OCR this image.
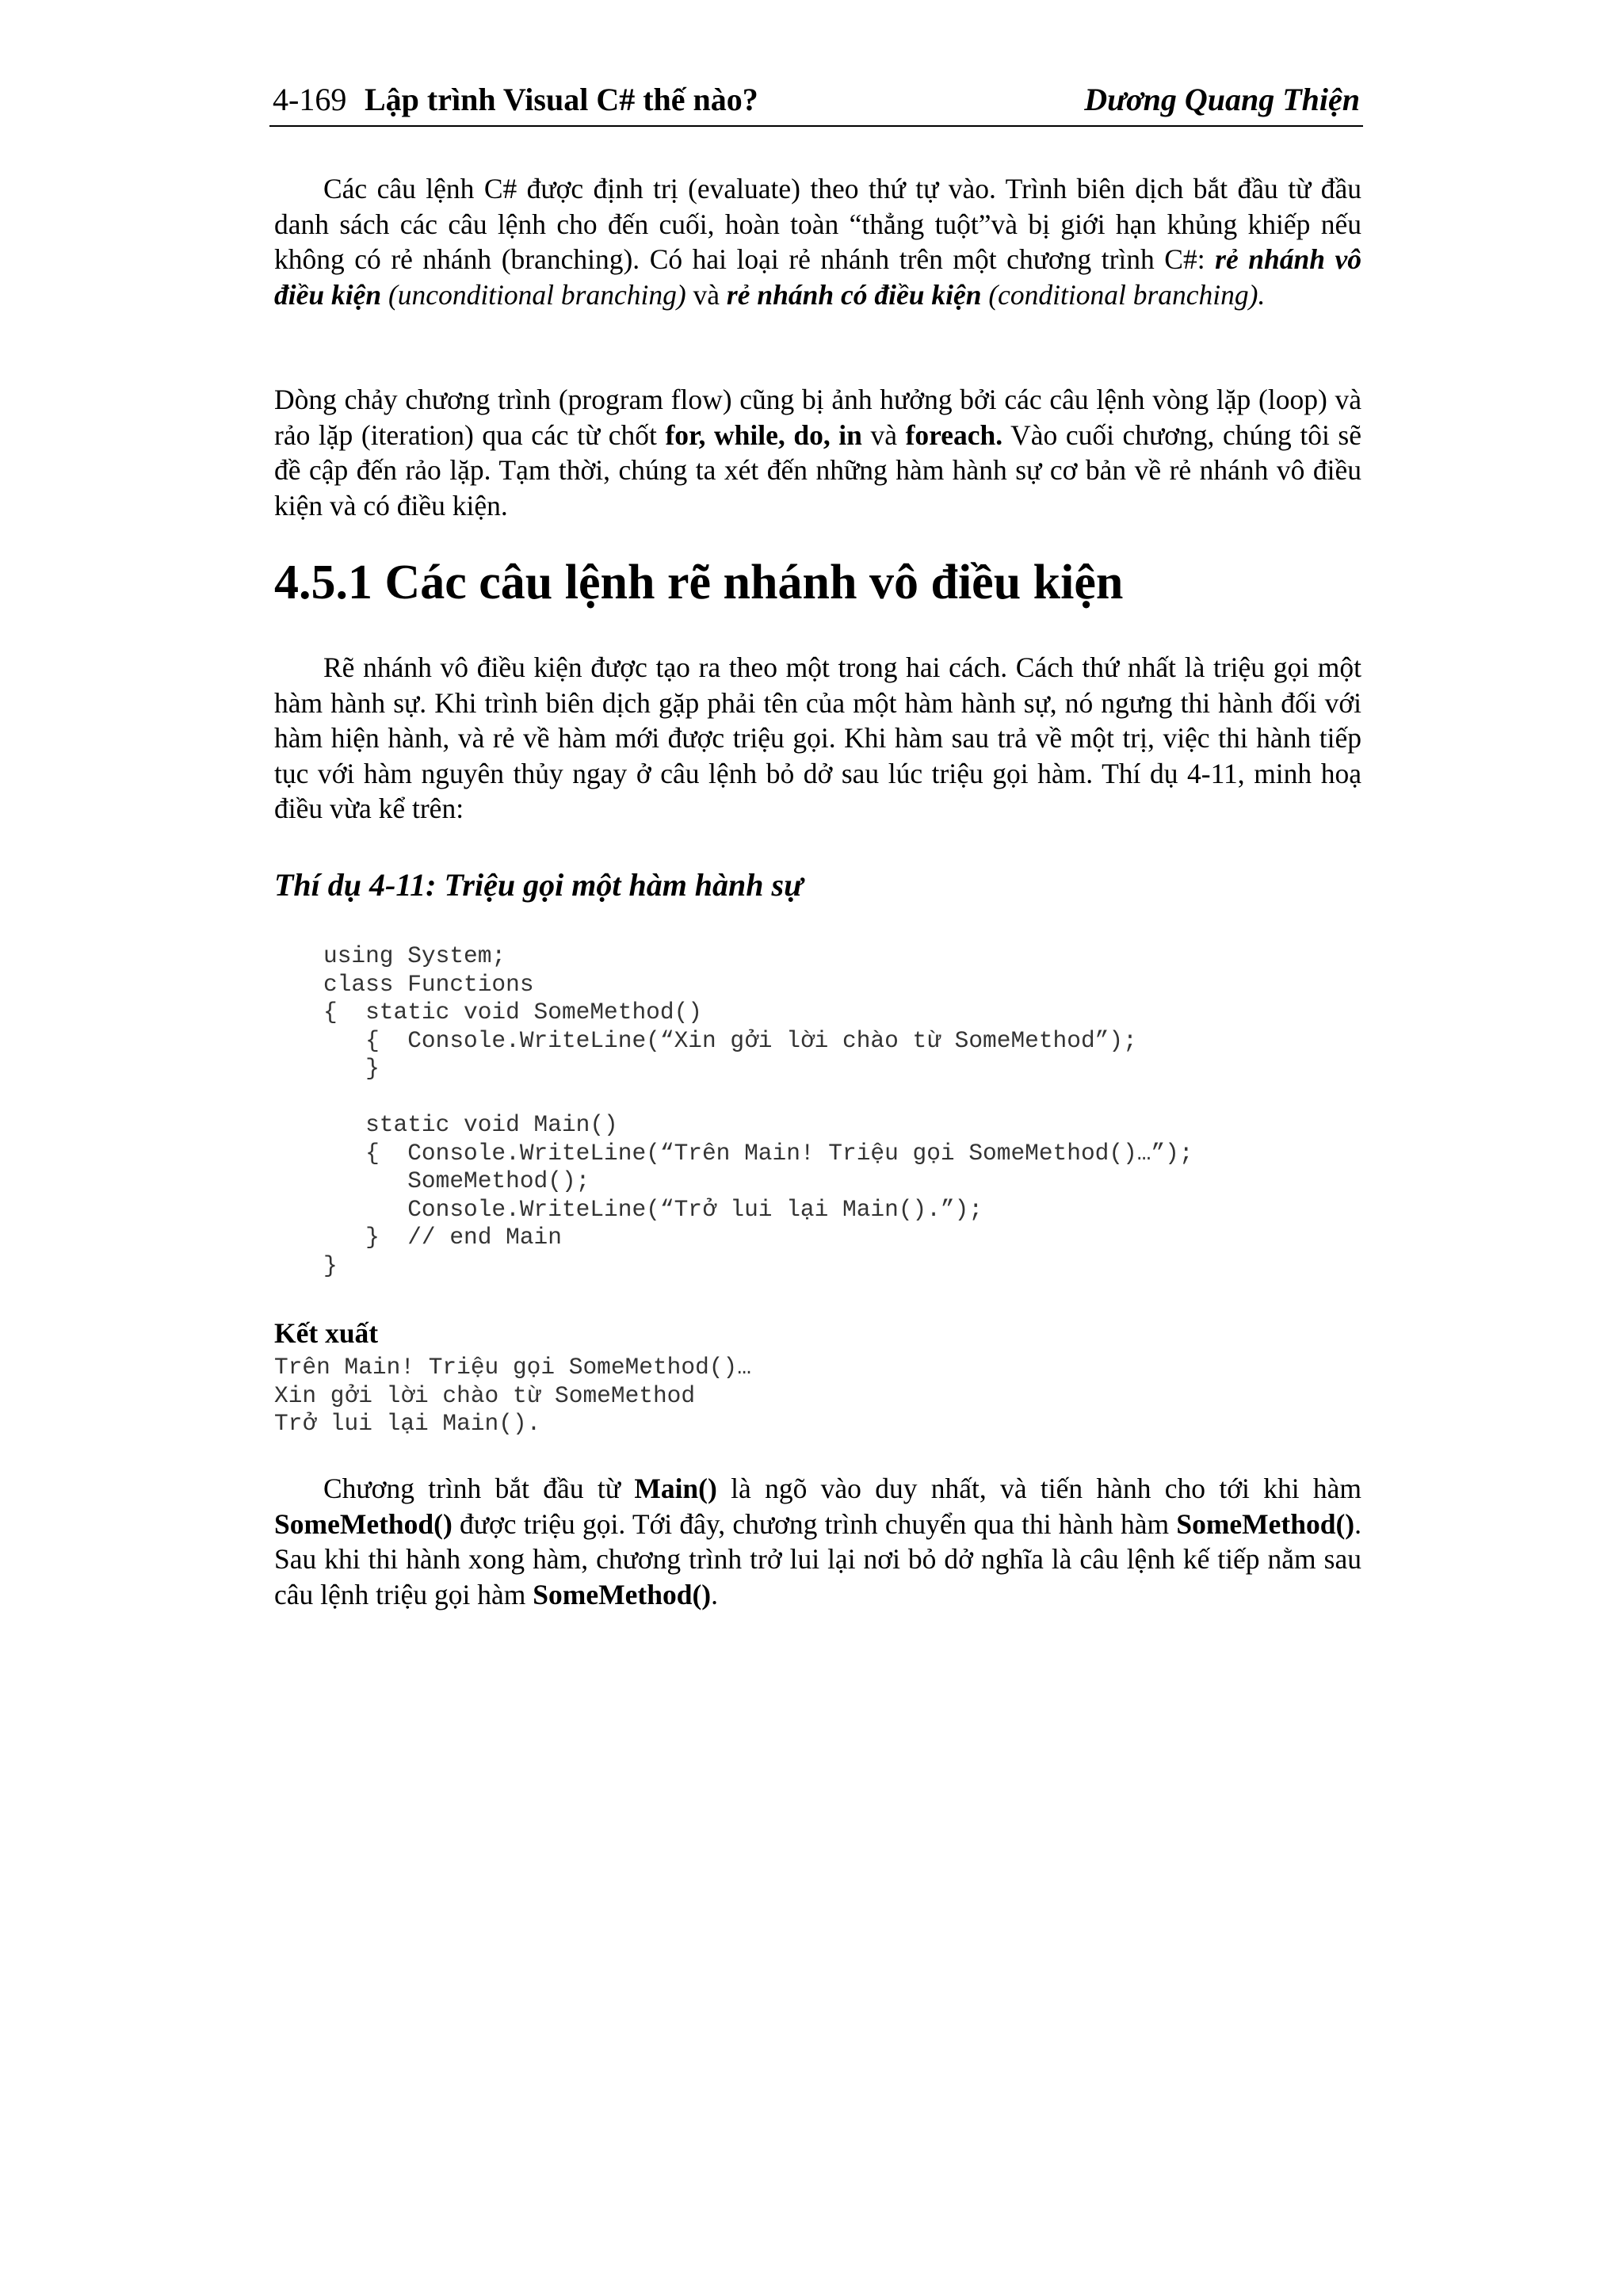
4-169 Lập trình Visual C# thế nào?	Dương Quang Thiện
Các câu lệnh C# được định trị (evaluate) theo thứ tự vào. Trình biên dịch bắt đầu từ đầu danh sách các câu lệnh cho đến cuối, hoàn toàn “thẳng tuột”và bị giới hạn khủng khiếp nếu không có rẻ nhánh (branching). Có hai loại rẻ nhánh trên một chương trình C#: rẻ nhánh vô điều kiện (unconditional branching) và rẻ nhánh có điều kiện (conditional branching).
Dòng chảy chương trình (program flow) cũng bị ảnh hưởng bởi các câu lệnh vòng lặp (loop) và rảo lặp (iteration) qua các từ chốt for, while, do, in và foreach. Vào cuối chương, chúng tôi sẽ đề cập đến rảo lặp. Tạm thời, chúng ta xét đến những hàm hành sự cơ bản về rẻ nhánh vô điều kiện và có điều kiện.
4.5.1 Các câu lệnh rẽ nhánh vô điều kiện
Rẽ nhánh vô điều kiện được tạo ra theo một trong hai cách. Cách thứ nhất là triệu gọi một hàm hành sự. Khi trình biên dịch gặp phải tên của một hàm hành sự, nó ngưng thi hành đối với hàm hiện hành, và rẻ về hàm mới được triệu gọi. Khi hàm sau trả về một trị, việc thi hành tiếp tục với hàm nguyên thủy ngay ở câu lệnh bỏ dở sau lúc triệu gọi hàm. Thí dụ 4-11, minh hoạ điều vừa kể trên:
Thí dụ 4-11: Triệu gọi một hàm hành sự
using System;
class Functions
{  static void SomeMethod()
{  Console.WriteLine(“Xin gởi lời chào từ SomeMethod”);
}

static void Main()
{  Console.WriteLine(“Trên Main! Triệu gọi SomeMethod()…”);
SomeMethod();
Console.WriteLine(“Trở lui lại Main().”);
}  // end Main
}
Kết xuất
Trên Main! Triệu gọi SomeMethod()…
Xin gởi lời chào từ SomeMethod
Trở lui lại Main().
Chương trình bắt đầu từ Main() là ngõ vào duy nhất, và tiến hành cho tới khi hàm SomeMethod() được triệu gọi. Tới đây, chương trình chuyển qua thi hành hàm SomeMethod(). Sau khi thi hành xong hàm, chương trình trở lui lại nơi bỏ dở nghĩa là câu lệnh kế tiếp nằm sau câu lệnh triệu gọi hàm SomeMethod().
